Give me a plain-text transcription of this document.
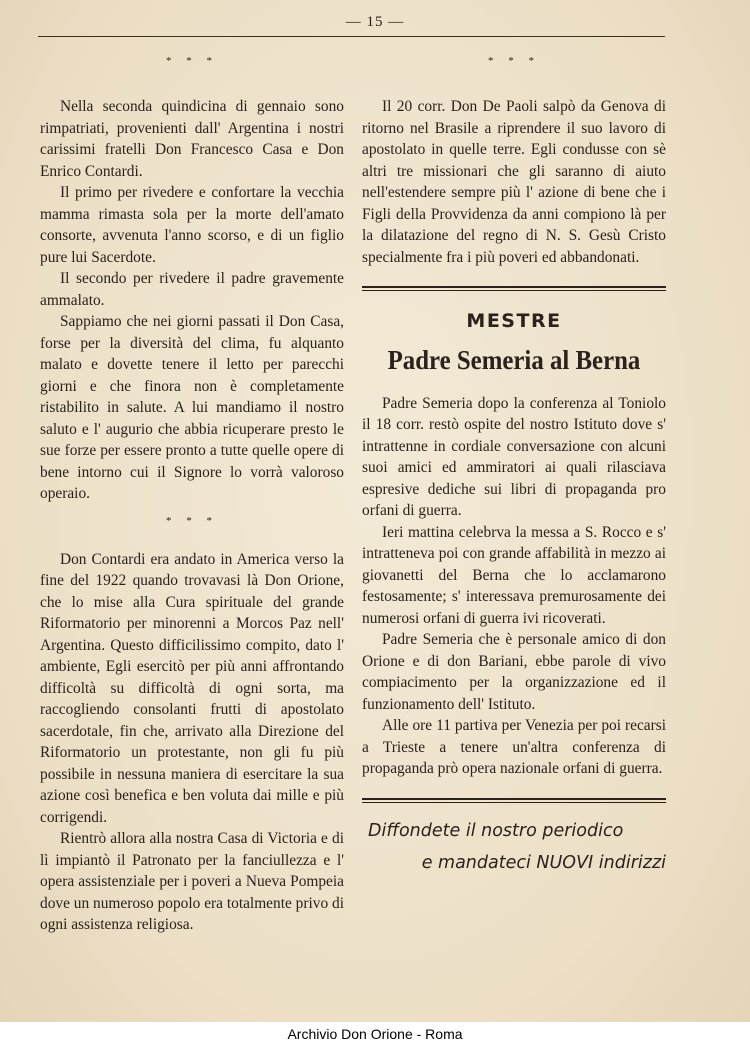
— 15 —
* * *

Nella seconda quindicina di gennaio sono rimpatriati, provenienti dall' Argentina i nostri carissimi fratelli Don Francesco Casa e Don Enrico Contardi.

Il primo per rivedere e confortare la vecchia mamma rimasta sola per la morte dell'amato consorte, avvenuta l'anno scorso, e di un figlio pure lui Sacerdote.

Il secondo per rivedere il padre gravemente ammalato.

Sappiamo che nei giorni passati il Don Casa, forse per la diversità del clima, fu alquanto malato e dovette tenere il letto per parecchi giorni e che finora non è completamente ristabilito in salute. A lui mandiamo il nostro saluto e l' augurio che abbia ricuperare presto le sue forze per essere pronto a tutte quelle opere di bene intorno cui il Signore lo vorrà valoroso operaio.

* * *

Don Contardi era andato in America verso la fine del 1922 quando trovavasi là Don Orione, che lo mise alla Cura spirituale del grande Riformatorio per minorenni a Morcos Paz nell' Argentina. Questo difficilissimo compito, dato l' ambiente, Egli esercitò per più anni affrontando difficoltà su difficoltà di ogni sorta, ma raccogliendo consolanti frutti di apostolato sacerdotale, fin che, arrivato alla Direzione del Riformatorio un protestante, non gli fu più possibile in nessuna maniera di esercitare la sua azione così benefica e ben voluta dai mille e più corrigendi.

Rientrò allora alla nostra Casa di Victoria e di lì impiantò il Patronato per la fanciullezza e l' opera assistenziale per i poveri a Nueva Pompeia dove un numeroso popolo era totalmente privo di ogni assistenza religiosa.

* * *

Il 20 corr. Don De Paoli salpò da Genova di ritorno nel Brasile a riprendere il suo lavoro di apostolato in quelle terre. Egli condusse con sè altri tre missionari che gli saranno di aiuto nell'estendere sempre più l' azione di bene che i Figli della Provvidenza da anni compiono là per la dilatazione del regno di N. S. Gesù Cristo specialmente fra i più poveri ed abbandonati.

MESTRE
Padre Semeria al Berna

Padre Semeria dopo la conferenza al Toniolo il 18 corr. restò ospite del nostro Istituto dove s' intrattenne in cordiale conversazione con alcuni suoi amici ed ammiratori ai quali rilasciava espresive dediche sui libri di propaganda pro orfani di guerra.

Ieri mattina celebrva la messa a S. Rocco e s' intratteneva poi con grande affabilità in mezzo ai giovanetti del Berna che lo acclamarono festosamente; s' interessava premurosamente dei numerosi orfani di guerra ivi ricoverati.

Padre Semeria che è personale amico di don Orione e di don Bariani, ebbe parole di vivo compiacimento per la organizzazione ed il funzionamento dell' Istituto.

Alle ore 11 partiva per Venezia per poi recarsi a Trieste a tenere un'altra conferenza di propaganda prò opera nazionale orfani di guerra.

Diffondete il nostro periodico
e mandateci NUOVI indirizzi
Archivio Don Orione - Roma
